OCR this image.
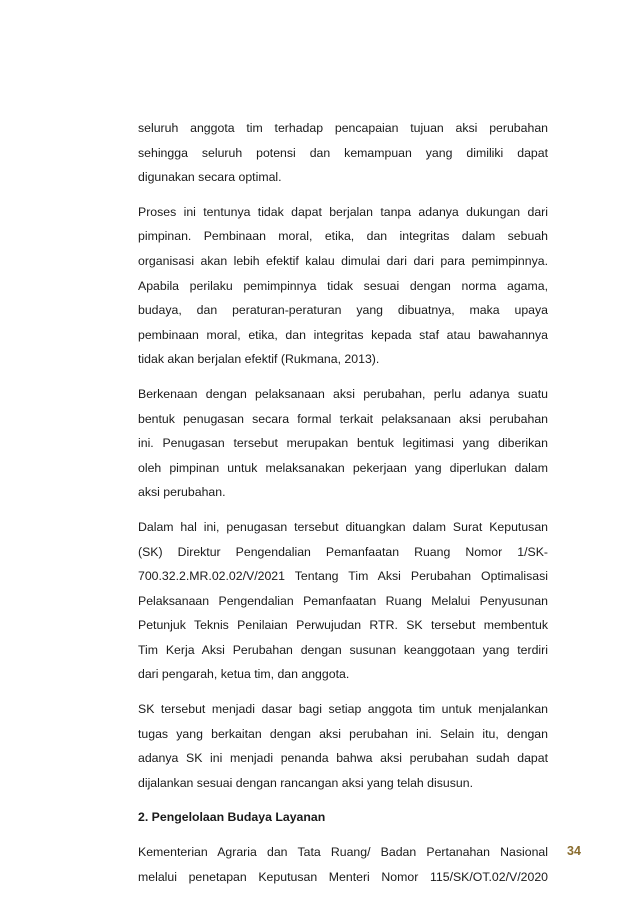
seluruh anggota tim terhadap pencapaian tujuan aksi perubahan
sehingga seluruh potensi dan kemampuan yang dimiliki dapat
digunakan secara optimal.
Proses ini tentunya tidak dapat berjalan tanpa adanya dukungan dari
pimpinan. Pembinaan moral, etika, dan integritas dalam sebuah
organisasi akan lebih efektif kalau dimulai dari dari para pemimpinnya.
Apabila perilaku pemimpinnya tidak sesuai dengan norma agama,
budaya, dan peraturan-peraturan yang dibuatnya, maka upaya
pembinaan moral, etika, dan integritas kepada staf atau bawahannya
tidak akan berjalan efektif (Rukmana, 2013).
Berkenaan dengan pelaksanaan aksi perubahan, perlu adanya suatu
bentuk penugasan secara formal terkait pelaksanaan aksi perubahan
ini. Penugasan tersebut merupakan bentuk legitimasi yang diberikan
oleh pimpinan untuk melaksanakan pekerjaan yang diperlukan dalam
aksi perubahan.
Dalam hal ini, penugasan tersebut dituangkan dalam Surat Keputusan
(SK) Direktur Pengendalian Pemanfaatan Ruang Nomor 1/SK-
700.32.2.MR.02.02/V/2021 Tentang Tim Aksi Perubahan Optimalisasi
Pelaksanaan Pengendalian Pemanfaatan Ruang Melalui Penyusunan
Petunjuk Teknis Penilaian Perwujudan RTR. SK tersebut membentuk
Tim Kerja Aksi Perubahan dengan susunan keanggotaan yang terdiri
dari pengarah, ketua tim, dan anggota.
SK tersebut menjadi dasar bagi setiap anggota tim untuk menjalankan
tugas yang berkaitan dengan aksi perubahan ini. Selain itu, dengan
adanya SK ini menjadi penanda bahwa aksi perubahan sudah dapat
dijalankan sesuai dengan rancangan aksi yang telah disusun.
2. Pengelolaan Budaya Layanan
Kementerian Agraria dan Tata Ruang/ Badan Pertanahan Nasional
melalui penetapan Keputusan Menteri Nomor 115/SK/OT.02/V/2020
34
